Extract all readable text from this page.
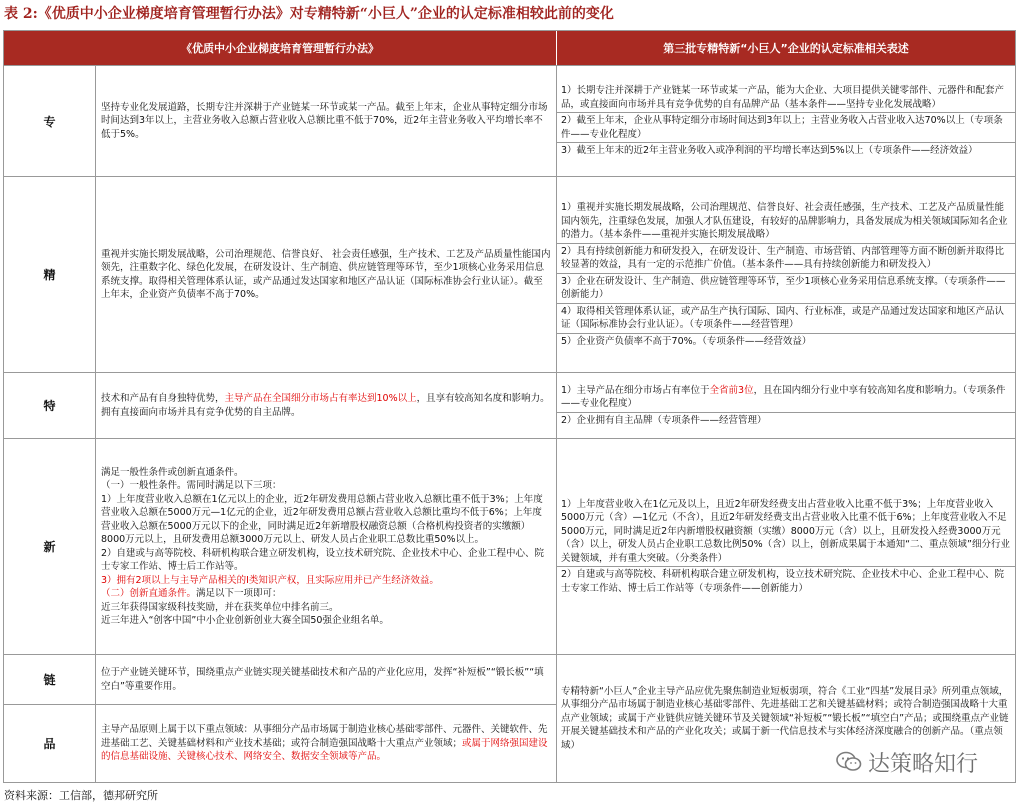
表 2:《优质中小企业梯度培育管理暂行办法》对专精特新“小巨人”企业的认定标准相较此前的变化
《优质中小企业梯度培育管理暂行办法》	第三批专精特新“小巨人”企业的认定标准相关表述
专

坚持专业化发展道路，长期专注并深耕于产业链某一环节或某一产品。截至上年末，企业从事特定细分市场时间达到3年以上，主营业务收入总额占营业收入总额比重不低于70%，近2年主营业务收入平均增长率不低于5%。

1）长期专注并深耕于产业链某一环节或某一产品，能为大企业、大项目提供关键零部件、元器件和配套产品，或直接面向市场并具有竞争优势的自有品牌产品（基本条件——坚持专业化发展战略）

2）截至上年末，企业从事特定细分市场时间达到3年以上；主营业务收入占营业收入达70%以上（专项条件——专业化程度）

3）截至上年末的近2年主营业务收入或净利润的平均增长率达到5%以上（专项条件——经济效益）

精

重视并实施长期发展战略，公司治理规范、信誉良好、 社会责任感强，生产技术、工艺及产品质量性能国内领先，注重数字化、绿色化发展，在研发设计、生产制造、供应链管理等环节，至少1项核心业务采用信息系统支撑。取得相关管理体系认证，或产品通过发达国家和地区产品认证（国际标准协会行业认证）。截至上年末，企业资产负债率不高于70%。

1）重视并实施长期发展战略，公司治理规范、信誉良好、社会责任感强，生产技术、工艺及产品质量性能国内领先，注重绿色发展，加强人才队伍建设，有较好的品牌影响力，具备发展成为相关领域国际知名企业的潜力。（基本条件——重视并实施长期发展战略）

2）具有持续创新能力和研发投入，在研发设计、生产制造、市场营销、内部管理等方面不断创新并取得比较显著的效益，具有一定的示范推广价值。（基本条件——具有持续创新能力和研发投入）

3）企业在研发设计、生产制造、供应链管理等环节，至少1项核心业务采用信息系统支撑。（专项条件——创新能力）

4）取得相关管理体系认证，或产品生产执行国际、国内、行业标准，或是产品通过发达国家和地区产品认证（国际标准协会行业认证）。（专项条件——经营管理）

5）企业资产负债率不高于70%。（专项条件——经营效益）

特

技术和产品有自身独特优势，主导产品在全国细分市场占有率达到10%以上，且享有较高知名度和影响力。拥有直接面向市场并具有竞争优势的自主品牌。

1）主导产品在细分市场占有率位于全省前3位，且在国内细分行业中享有较高知名度和影响力。（专项条件——专业化程度）

2）企业拥有自主品牌（专项条件——经营管理）

新

满足一般性条件或创新直通条件。

（一）一般性条件。需同时满足以下三项：

1）上年度营业收入总额在1亿元以上的企业，近2年研发费用总额占营业收入总额比重不低于3%；上年度营业收入总额在5000万元—1亿元的企业，近2年研发费用总额占营业收入总额比重均不低于6%；上年度营业收入总额在5000万元以下的企业，同时满足近2年新增股权融资总额（合格机构投资者的实缴额）8000万元以上，且研发费用总额3000万元以上、研发人员占企业职工总数比重50%以上。

2）自建或与高等院校、科研机构联合建立研发机构，设立技术研究院、企业技术中心、企业工程中心、院士专家工作站、博士后工作站等。

3）拥有2项以上与主导产品相关的Ⅰ类知识产权，且实际应用并已产生经济效益。

（二）创新直通条件。满足以下一项即可：

近三年获得国家级科技奖励，并在获奖单位中排名前三。

近三年进入“创客中国”中小企业创新创业大赛全国50强企业组名单。

1）上年度营业收入在1亿元及以上，且近2年研发经费支出占营业收入比重不低于3%；上年度营业收入5000万元（含）—1亿元（不含），且近2年研发经费支出占营业收入比重不低于6%；上年度营业收入不足5000万元，同时满足近2年内新增股权融资额（实缴）8000万元（含）以上，且研发投入经费3000万元（含）以上，研发人员占企业职工总数比例50%（含）以上，创新成果属于本通知“二、重点领域”细分行业关键领域，并有重大突破。（分类条件）

2）自建或与高等院校、科研机构联合建立研发机构，设立技术研究院、企业技术中心、企业工程中心、院士专家工作站、博士后工作站等（专项条件——创新能力）

链

位于产业链关键环节，围绕重点产业链实现关键基础技术和产品的产业化应用，发挥“补短板”“锻长板”“填空白”等重要作用。

品

主导产品原则上属于以下重点领域：从事细分产品市场属于制造业核心基础零部件、元器件、关键软件、先进基础工艺、关键基础材料和产业技术基础；或符合制造强国战略十大重点产业领域；或属于网络强国建设的信息基础设施、关键核心技术、网络安全、数据安全领域等产品。

专精特新“小巨人”企业主导产品应优先聚焦制造业短板弱项，符合《工业“四基”发展目录》所列重点领域，从事细分产品市场属于制造业核心基础零部件、先进基础工艺和关键基础材料；或符合制造强国战略十大重点产业领域；或属于产业链供应链关键环节及关键领域“补短板”“锻长板”“填空白”产品；或围绕重点产业链开展关键基础技术和产品的产业化攻关；或属于新一代信息技术与实体经济深度融合的创新产品。（重点领域）

达策略知行
资料来源：工信部，德邦研究所
